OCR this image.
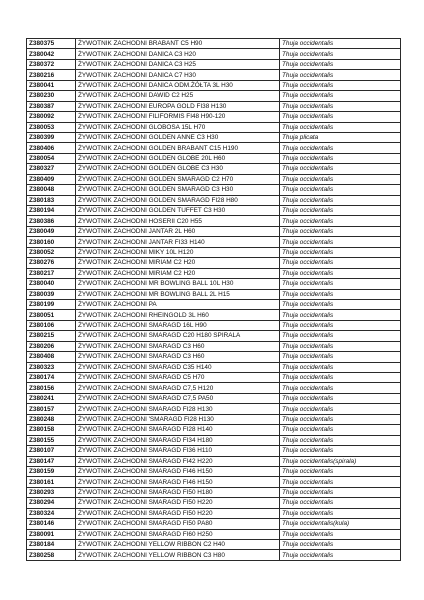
Z380375	ŻYWOTNIK ZACHODNI BRABANT C5 H90	Thuja occidentalis
Z380042	ŻYWOTNIK ZACHODNI DANICA C3 H20	Thuja occidentalis
Z380372	ŻYWOTNIK ZACHODNI DANICA C3 H25	Thuja occidentalis
Z380216	ŻYWOTNIK ZACHODNI DANICA C7 H30	Thuja occidentalis
Z380041	ŻYWOTNIK ZACHODNI DANICA ODM.ŻÓŁTA 3L H30	Thuja occidentalis
Z380230	ŻYWOTNIK ZACHODNI DAWID C2 H25	Thuja occidentalis
Z380387	ŻYWOTNIK ZACHODNI EUROPA GOLD FI38 H130	Thuja occidentalis
Z380092	ŻYWOTNIK ZACHODNI FILIFORMIS FI48 H90-120	Thuja occidentalis
Z380053	ŻYWOTNIK ZACHODNI GLOBOSA 15L H70	Thuja occidentalis
Z380399	ŻYWOTNIK ZACHODNI GOLDEN ANNE C3 H30	Thuja plicata
Z380406	ŻYWOTNIK ZACHODNI GOLDEN BRABANT C15 H190	Thuja occidentalis
Z380054	ŻYWOTNIK ZACHODNI GOLDEN GLOBE 20L H60	Thuja occidentalis
Z380327	ŻYWOTNIK ZACHODNI GOLDEN GLOBE C3 H30	Thuja occidentalis
Z380409	ŻYWOTNIK ZACHODNI GOLDEN SMARAGD C2 H70	Thuja occidentalis
Z380048	ŻYWOTNIK ZACHODNI GOLDEN SMARAGD C3 H30	Thuja occidentalis
Z380183	ŻYWOTNIK ZACHODNI GOLDEN SMARAGD FI28 H80	Thuja occidentalis
Z380194	ŻYWOTNIK ZACHODNI GOLDEN TUFFET C3 H30	Thuja occidentalis
Z380386	ŻYWOTNIK ZACHODNI HOSERII C20 H55	Thuja occidentalis
Z380049	ŻYWOTNIK ZACHODNI JANTAR 2L H60	Thuja occidentalis
Z380160	ŻYWOTNIK ZACHODNI JANTAR FI33 H140	Thuja occidentalis
Z380052	ŻYWOTNIK ZACHODNI MIKY 10L H120	Thuja occidentalis
Z380276	ŻYWOTNIK ZACHODNI MIRIAM C2 H20	Thuja occidentalis
Z380217	ŻYWOTNIK ZACHODNI MIRIAM C2 H20	Thuja occidentalis
Z380040	ŻYWOTNIK ZACHODNI MR BOWLING BALL 10L H30	Thuja occidentalis
Z380039	ŻYWOTNIK ZACHODNI MR BOWLING BALL 2L H15	Thuja occidentalis
Z380199	ŻYWOTNIK ZACHODNI PA	Thuja occidentalis
Z380051	ŻYWOTNIK ZACHODNI RHEINGOLD 3L H60	Thuja occidentalis
Z380106	ŻYWOTNIK ZACHODNI SMARAGD 16L H90	Thuja occidentalis
Z380215	ŻYWOTNIK ZACHODNI SMARAGD C20 H180 SPIRALA	Thuja occidentalis
Z380206	ŻYWOTNIK ZACHODNI SMARAGD C3 H60	Thuja occidentalis
Z380408	ŻYWOTNIK ZACHODNI SMARAGD C3 H60	Thuja occidentalis
Z380323	ŻYWOTNIK ZACHODNI SMARAGD C35 H140	Thuja occidentalis
Z380174	ŻYWOTNIK ZACHODNI SMARAGD C5 H70	Thuja occidentalis
Z380156	ŻYWOTNIK ZACHODNI SMARAGD C7,5 H120	Thuja occidentalis
Z380241	ŻYWOTNIK ZACHODNI SMARAGD C7,5 PA50	Thuja occidentalis
Z380157	ŻYWOTNIK ZACHODNI SMARAGD FI28 H130	Thuja occidentalis
Z380248	ŻYWOTNIK ZACHODNI 'SMARAGD FI28 H130	Thuja occidentalis
Z380158	ŻYWOTNIK ZACHODNI SMARAGD FI28 H140	Thuja occidentalis
Z380155	ŻYWOTNIK ZACHODNI SMARAGD FI34 H180	Thuja occidentalis
Z380107	ŻYWOTNIK ZACHODNI SMARAGD FI36 H110	Thuja occidentalis
Z380147	ŻYWOTNIK ZACHODNI SMARAGD FI42 H220	Thuja occidentalis(spirala)
Z380159	ŻYWOTNIK ZACHODNI SMARAGD FI46 H150	Thuja occidentalis
Z380161	ŻYWOTNIK ZACHODNI SMARAGD FI46 H150	Thuja occidentalis
Z380293	ŻYWOTNIK ZACHODNI SMARAGD FI50 H180	Thuja occidentalis
Z380294	ŻYWOTNIK ZACHODNI SMARAGD FI50 H220	Thuja occidentalis
Z380324	ŻYWOTNIK ZACHODNI SMARAGD FI50 H220	Thuja occidentalis
Z380146	ŻYWOTNIK ZACHODNI SMARAGD FI50 PA80	Thuja occidentalis(kula)
Z380091	ŻYWOTNIK ZACHODNI SMARAGD FI60 H250	Thuja occidentalis
Z380184	ŻYWOTNIK ZACHODNI YELLOW RIBBON C2 H40	Thuja occidentalis
Z380258	ŻYWOTNIK ZACHODNI YELLOW RIBBON C3 H80	Thuja occidentalis
